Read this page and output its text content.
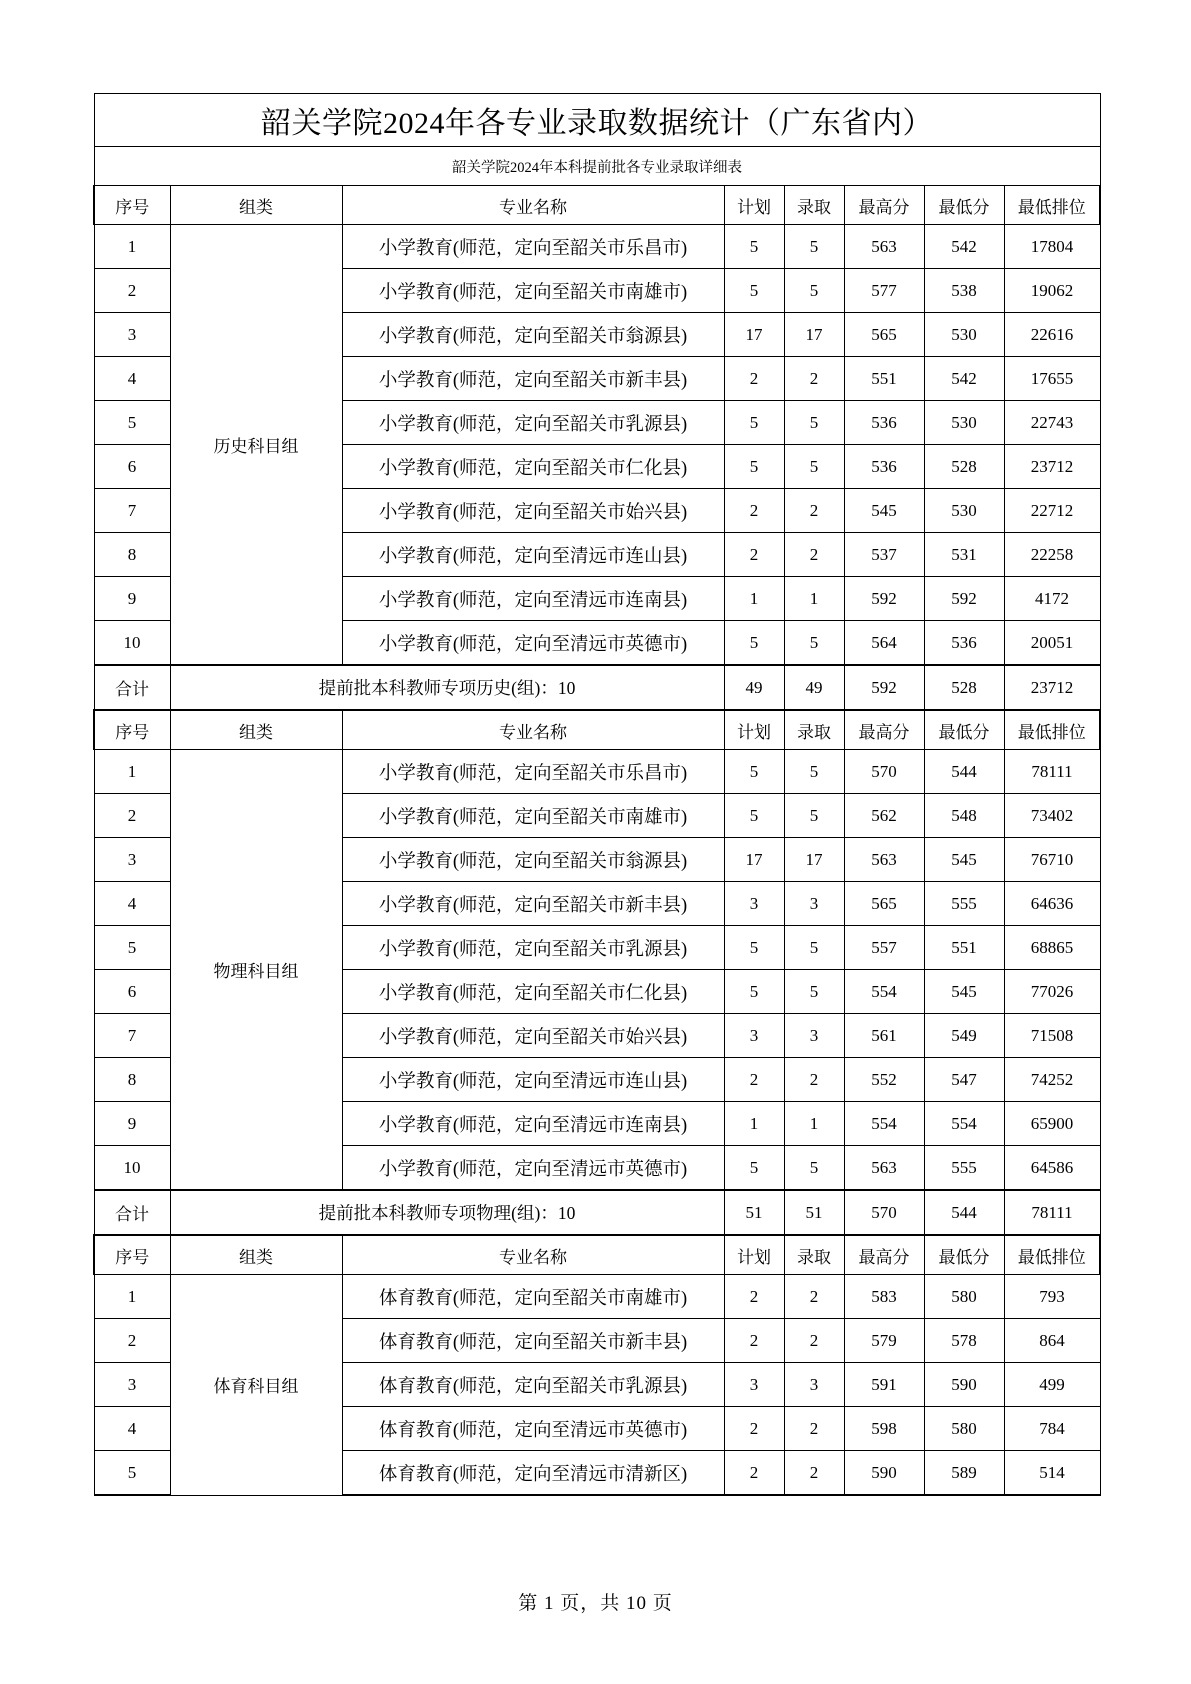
韶关学院2024年各专业录取数据统计（广东省内）							
韶关学院2024年本科提前批各专业录取详细表							
序号	组类	专业名称	计划	录取	最高分	最低分	最低排位
1	历史科目组	小学教育(师范，定向至韶关市乐昌市)	5	5	563	542	17804
2		小学教育(师范，定向至韶关市南雄市)	5	5	577	538	19062
3		小学教育(师范，定向至韶关市翁源县)	17	17	565	530	22616
4		小学教育(师范，定向至韶关市新丰县)	2	2	551	542	17655
5		小学教育(师范，定向至韶关市乳源县)	5	5	536	530	22743
6		小学教育(师范，定向至韶关市仁化县)	5	5	536	528	23712
7		小学教育(师范，定向至韶关市始兴县)	2	2	545	530	22712
8		小学教育(师范，定向至清远市连山县)	2	2	537	531	22258
9		小学教育(师范，定向至清远市连南县)	1	1	592	592	4172
10		小学教育(师范，定向至清远市英德市)	5	5	564	536	20051
合计	提前批本科教师专项历史(组)：10		49	49	592	528	23712
序号	组类	专业名称	计划	录取	最高分	最低分	最低排位
1	物理科目组	小学教育(师范，定向至韶关市乐昌市)	5	5	570	544	78111
2		小学教育(师范，定向至韶关市南雄市)	5	5	562	548	73402
3		小学教育(师范，定向至韶关市翁源县)	17	17	563	545	76710
4		小学教育(师范，定向至韶关市新丰县)	3	3	565	555	64636
5		小学教育(师范，定向至韶关市乳源县)	5	5	557	551	68865
6		小学教育(师范，定向至韶关市仁化县)	5	5	554	545	77026
7		小学教育(师范，定向至韶关市始兴县)	3	3	561	549	71508
8		小学教育(师范，定向至清远市连山县)	2	2	552	547	74252
9		小学教育(师范，定向至清远市连南县)	1	1	554	554	65900
10		小学教育(师范，定向至清远市英德市)	5	5	563	555	64586
合计	提前批本科教师专项物理(组)：10		51	51	570	544	78111
序号	组类	专业名称	计划	录取	最高分	最低分	最低排位
1	体育科目组	体育教育(师范，定向至韶关市南雄市)	2	2	583	580	793
2		体育教育(师范，定向至韶关市新丰县)	2	2	579	578	864
3		体育教育(师范，定向至韶关市乳源县)	3	3	591	590	499
4		体育教育(师范，定向至清远市英德市)	2	2	598	580	784
5		体育教育(师范，定向至清远市清新区)	2	2	590	589	514
第 1 页，共 10 页
